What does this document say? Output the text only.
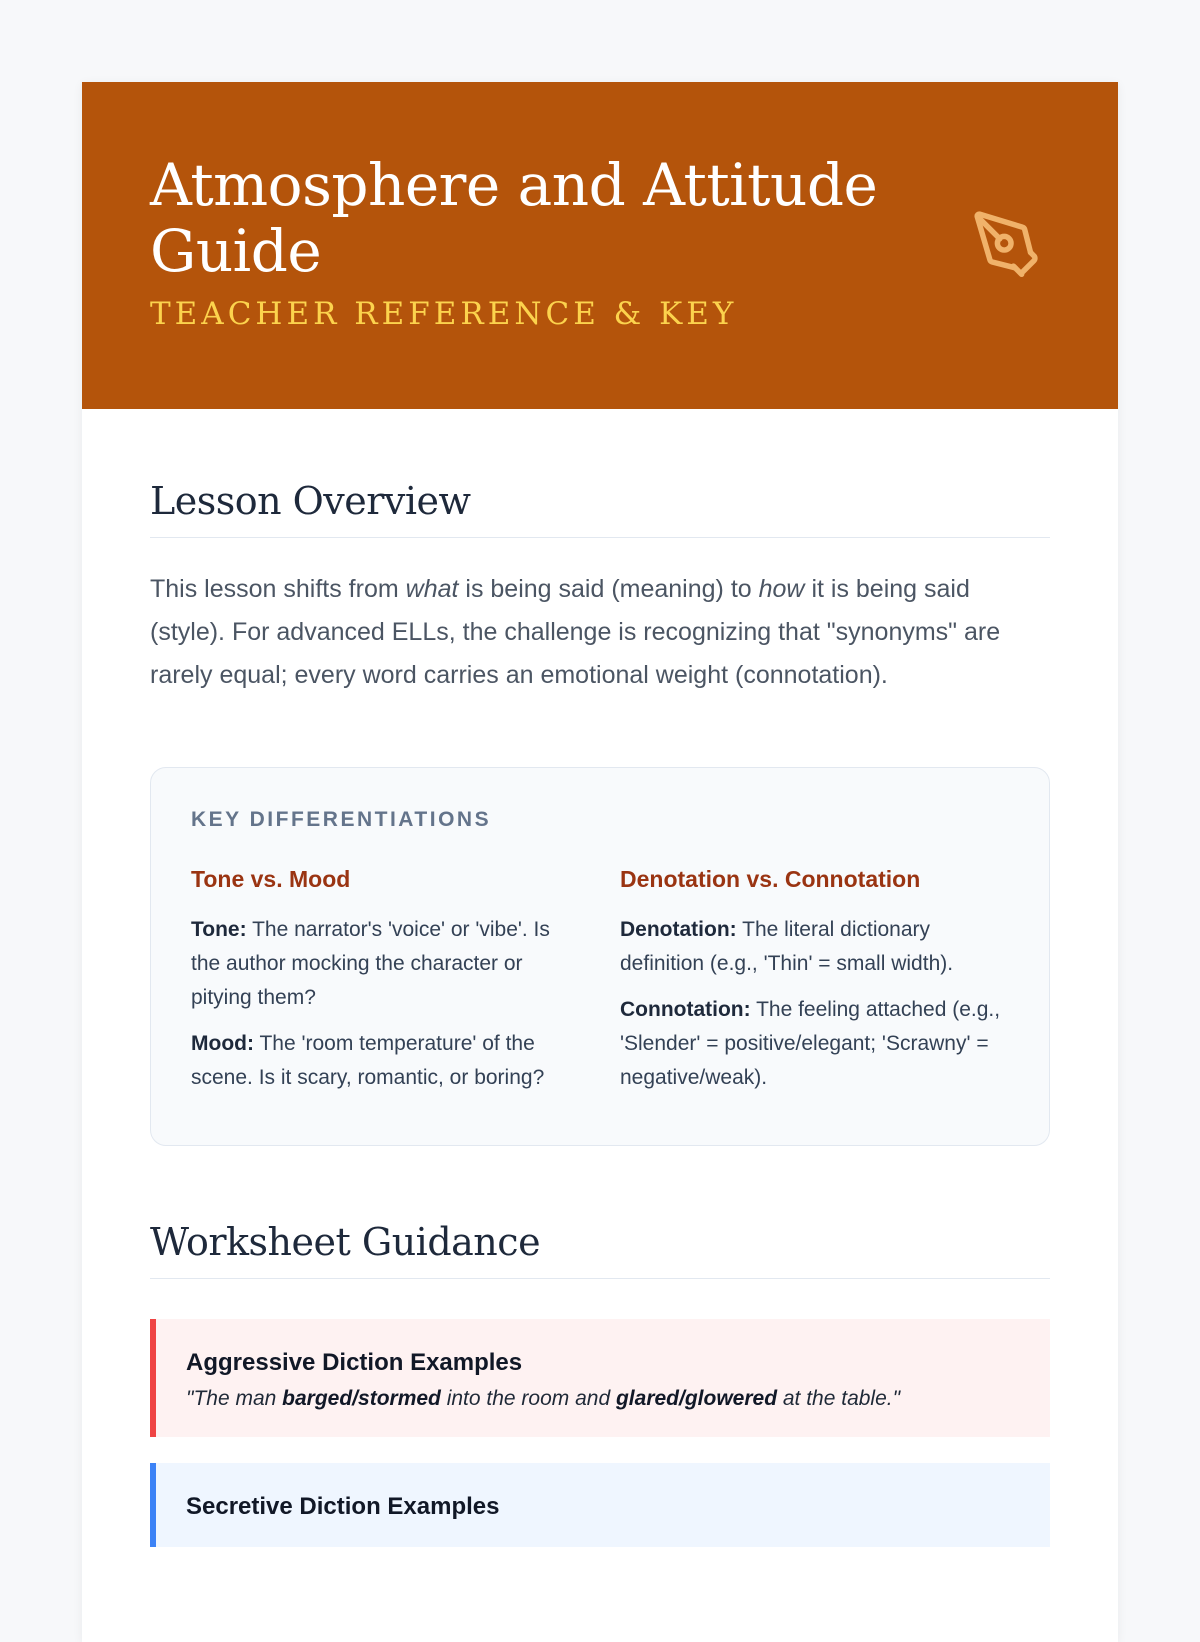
Atmosphere and Attitude Guide
TEACHER REFERENCE & KEY
Lesson Overview

This lesson shifts from what is being said (meaning) to how it is being said (style). For advanced ELLs, the challenge is recognizing that "synonyms" are rarely equal; every word carries an emotional weight (connotation).

KEY DIFFERENTIATIONS
Tone vs. Mood

Tone: The narrator's 'voice' or 'vibe'. Is the author mocking the character or pitying them?

Mood: The 'room temperature' of the scene. Is it scary, romantic, or boring?

Denotation vs. Connotation

Denotation: The literal dictionary definition (e.g., 'Thin' = small width).

Connotation: The feeling attached (e.g., 'Slender' = positive/elegant; 'Scrawny' = negative/weak).

Worksheet Guidance
Aggressive Diction Examples
"The man barged/stormed into the room and glared/glowered at the table."
Secretive Diction Examples
